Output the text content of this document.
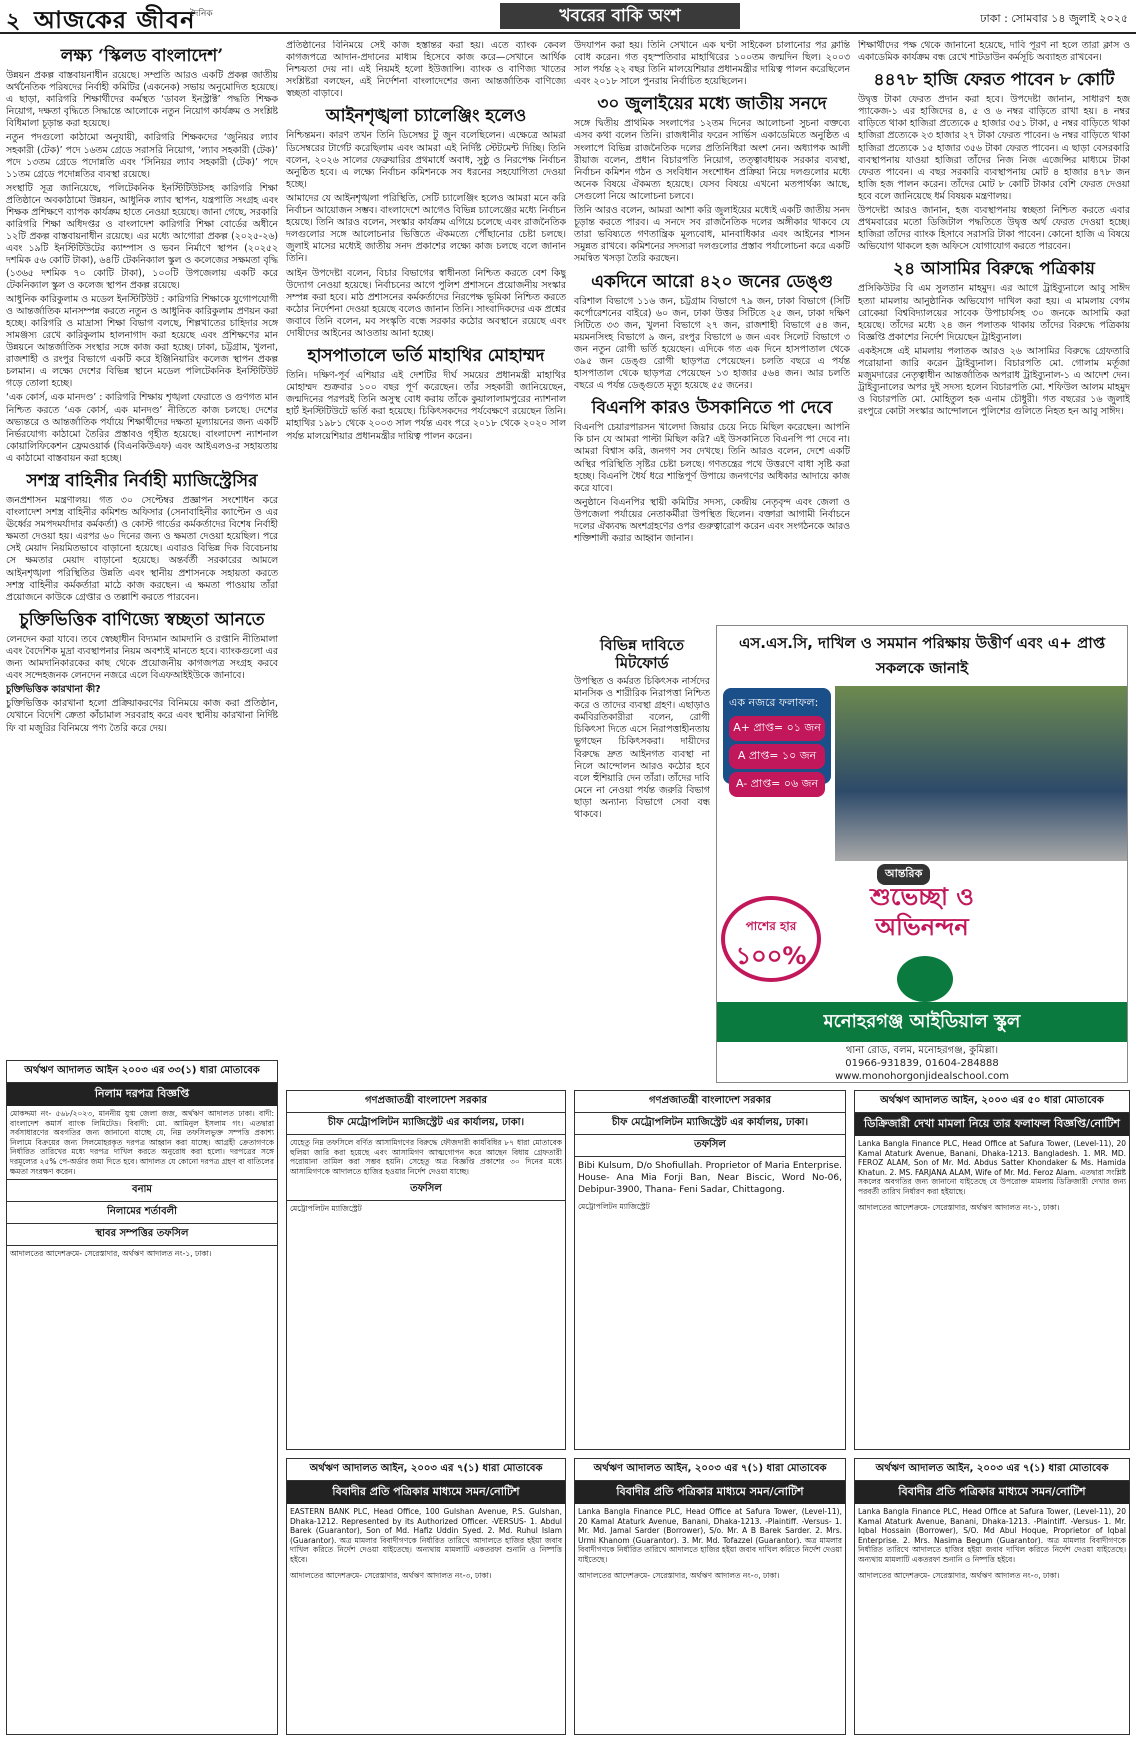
২ আজকের জীবন
দৈনিক	খবরের বাকি অংশ	ঢাকা : সোমবার ১৪ জুলাই ২০২৫
লক্ষ্য ‘স্কিলড বাংলাদেশ’

উন্নয়ন প্রকল্প বাস্তবায়নাধীন রয়েছে। সম্প্রতি আরও একটি প্রকল্প জাতীয় অর্থনৈতিক পরিষদের নির্বাহী কমিটির (একনেক) সভায় অনুমোদিত হয়েছে। এ ছাড়া, কারিগরি শিক্ষার্থীদের কর্মস্থত ‘ডাবল ইনস্ট্রাক্ট’ পদ্ধতি শিক্ষক নিয়োগ, দক্ষতা বৃদ্ধিতে সিদ্ধান্তে আলোকে নতুন নিয়োগ কার্যক্রম ও সংশ্লিষ্ট বিধিমালা চূড়ান্ত করা হয়েছে।

নতুন পদগুলো কাঠামো অনুযায়ী, কারিগরি শিক্ষকদের ‘জুনিয়র ল্যাব সহকারী (টেক)’ পদে ১৬তম গ্রেডে সরাসরি নিয়োগ, ‘ল্যাব সহকারী (টেক)’ পদে ১৩তম গ্রেডে পদোন্নতি এবং ‘সিনিয়র ল্যাব সহকারী (টেক)’ পদে ১১তম গ্রেডে পদোন্নতির ব্যবস্থা রয়েছে।

সংস্থাটি সূত্র জানিয়েছে, পলিটেকনিক ইনস্টিটিউটসহ কারিগরি শিক্ষা প্রতিষ্ঠানে অবকাঠামো উন্নয়ন, আধুনিক ল্যাব স্থাপন, যন্ত্রপাতি সংগ্রহ এবং শিক্ষক প্রশিক্ষণে ব্যাপক কার্যক্রম হাতে নেওয়া হয়েছে। জানা গেছে, সরকারি কারিগরি শিক্ষা অধিদপ্তর ও বাংলাদেশ কারিগরি শিক্ষা বোর্ডের অধীনে ১২টি প্রকল্প বাস্তবায়নাধীন রয়েছে। এর মধ্যে আগোরা প্রকল্প (২০২৫-২৬) এবং ১৯টি ইনস্টিটিউটের ক্যাম্পাস ও ভবন নির্মাণে স্থাপন (২০২৫২ দশমিক ৫৬ কোটি টাকা), ৬৪টি টেকনিক্যাল স্কুল ও কলেজের সক্ষমতা বৃদ্ধি (১৩৬৫ দশমিক ৭০ কোটি টাকা), ১০০টি উপজেলায় একটি করে টেকনিক্যাল স্কুল ও কলেজ স্থাপন প্রকল্প রয়েছে।

আধুনিক কারিকুলাম ও মডেল ইনস্টিটিউট : কারিগরি শিক্ষাকে যুগোপযোগী ও আন্তর্জাতিক মানসম্পন্ন করতে নতুন ও আধুনিক কারিকুলাম প্রণয়ন করা হচ্ছে। কারিগরি ও মাদ্রাসা শিক্ষা বিভাগ বলছে, শিল্পখাতের চাহিদার সঙ্গে সামঞ্জস্য রেখে কারিকুলাম হালনাগাদ করা হয়েছে এবং প্রশিক্ষণের মান উন্নয়নে আন্তর্জাতিক সংস্থার সঙ্গে কাজ করা হচ্ছে। ঢাকা, চট্টগ্রাম, খুলনা, রাজশাহী ও রংপুর বিভাগে একটি করে ইঞ্জিনিয়ারিং কলেজ স্থাপন প্রকল্প চলমান। এ লক্ষ্যে দেশের বিভিন্ন স্থানে মডেল পলিটেকনিক ইনস্টিটিউট গড়ে তোলা হচ্ছে।

‘এক কোর্স, এক মানদণ্ড’ : কারিগরি শিক্ষায় শৃঙ্খলা ফেরাতে ও গুণগত মান নিশ্চিত করতে ‘এক কোর্স, এক মানদণ্ড’ নীতিতে কাজ চলছে। দেশের অভ্যন্তরে ও আন্তর্জাতিক পর্যায়ে শিক্ষার্থীদের দক্ষতা মূল্যায়নের জন্য একটি নির্ভরযোগ্য কাঠামো তৈরির প্রস্তাবও গৃহীত হয়েছে। বাংলাদেশ ন্যাশনাল কোয়ালিফিকেশন ফ্রেমওয়ার্ক (বিএনকিউএফ) এবং আইএলও-র সহায়তায় এ কাঠামো বাস্তবায়ন করা হচ্ছে।

সশস্ত্র বাহিনীর নির্বাহী ম্যাজিস্ট্রেসির

জনপ্রশাসন মন্ত্রণালয়। গত ৩০ সেপ্টেম্বর প্রজ্ঞাপন সংশোধন করে বাংলাদেশ সশস্ত্র বাহিনীর কমিশন্ড অফিসার (সেনাবাহিনীর ক্যাপ্টেন ও এর ঊর্ধ্বের সমপদমর্যাদার কর্মকর্তা) ও কোস্ট গার্ডের কর্মকর্তাদের বিশেষ নির্বাহী ক্ষমতা দেওয়া হয়। এরপর ৬০ দিনের জন্য ও ক্ষমতা দেওয়া হয়েছিল। পরে সেই মেয়াদ নিয়মিতভাবে বাড়ানো হয়েছে। এবারও বিভিন্ন দিক বিবেচনায় সে ক্ষমতার মেয়াদ বাড়ানো হয়েছে। অন্তর্বর্তী সরকারের আমলে আইনশৃঙ্খলা পরিস্থিতির উন্নতি এবং স্থানীয় প্রশাসনকে সহায়তা করতে সশস্ত্র বাহিনীর কর্মকর্তারা মাঠে কাজ করছেন। এ ক্ষমতা পাওয়ায় তাঁরা প্রয়োজনে কাউকে গ্রেপ্তার ও তল্লাশি করতে পারবেন।

চুক্তিভিত্তিক বাণিজ্যে স্বচ্ছতা আনতে

লেনদেন করা যাবে। তবে স্বেচ্ছাধীন বিদ্যমান আমদানি ও রপ্তানি নীতিমালা এবং বৈদেশিক মুদ্রা ব্যবস্থাপনার নিয়ম অবশ্যই মানতে হবে। ব্যাংকগুলো এর জন্য আমদানিকারকের কাছ থেকে প্রয়োজনীয় কাগজপত্র সংগ্রহ করবে এবং সন্দেহজনক লেনদেন নজরে এলে বিএফআইইউকে জানাবে।

চুক্তিভিত্তিক কারখানা কী?

চুক্তিভিত্তিক কারখানা হলো প্রক্রিয়াকরণের বিনিময়ে কাজ করা প্রতিষ্ঠান, যেখানে বিদেশি ক্রেতা কাঁচামাল সরবরাহ করে এবং স্থানীয় কারখানা নির্দিষ্ট ফি বা মজুরির বিনিময়ে পণ্য তৈরি করে দেয়।

প্রতিষ্ঠানের বিনিময়ে সেই কাজ হস্তান্তর করা হয়। এতে ব্যাংক কেবল কাগজপত্রে আদান-প্রদানের মাধ্যম হিসেবে কাজ করে—সেখানে আর্থিক নিশ্চয়তা দেয় না। এই নিয়মই হলো ইউজান্সি। ব্যাংক ও বাণিজ্য খাতের সংশ্লিষ্টরা বলছেন, এই নির্দেশনা বাংলাদেশের জন্য আন্তর্জাতিক বাণিজ্যে স্বচ্ছতা বাড়াবে।

আইনশৃঙ্খলা চ্যালেঞ্জিং হলেও

নিশ্চিন্তমন। কারণ তখন তিনি ডিসেম্বর টু জুন বলেছিলেন। এক্ষেত্রে আমরা ডিসেম্বরের টার্গেট করেছিলাম এবং আমরা এই নির্দিষ্ট স্টেটমেন্ট দিচ্ছি। তিনি বলেন, ২০২৬ সালের ফেব্রুয়ারির প্রথমার্ধে অবাধ, সুষ্ঠু ও নিরপেক্ষ নির্বাচন অনুষ্ঠিত হবে। এ লক্ষ্যে নির্বাচন কমিশনকে সব ধরনের সহযোগিতা দেওয়া হচ্ছে।

আমাদের যে আইনশৃঙ্খলা পরিস্থিতি, সেটি চ্যালেঞ্জিং হলেও আমরা মনে করি নির্বাচন আয়োজন সম্ভব। বাংলাদেশে আগেও বিভিন্ন চ্যালেঞ্জের মধ্যে নির্বাচন হয়েছে। তিনি আরও বলেন, সংস্কার কার্যক্রম এগিয়ে চলেছে এবং রাজনৈতিক দলগুলোর সঙ্গে আলোচনার ভিত্তিতে ঐকমত্যে পৌঁছানোর চেষ্টা চলছে। জুলাই মাসের মধ্যেই জাতীয় সনদ প্রকাশের লক্ষ্যে কাজ চলছে বলে জানান তিনি।

আইন উপদেষ্টা বলেন, বিচার বিভাগের স্বাধীনতা নিশ্চিত করতে বেশ কিছু উদ্যোগ নেওয়া হয়েছে। নির্বাচনের আগে পুলিশ প্রশাসনে প্রয়োজনীয় সংস্কার সম্পন্ন করা হবে। মাঠ প্রশাসনের কর্মকর্তাদের নিরপেক্ষ ভূমিকা নিশ্চিত করতে কঠোর নির্দেশনা দেওয়া হয়েছে বলেও জানান তিনি। সাংবাদিকদের এক প্রশ্নের জবাবে তিনি বলেন, মব সংস্কৃতি বন্ধে সরকার কঠোর অবস্থানে রয়েছে এবং দোষীদের আইনের আওতায় আনা হচ্ছে।

হাসপাতালে ভর্তি মাহাথির মোহাম্মদ

তিনি। দক্ষিণ-পূর্ব এশিয়ার এই দেশটির দীর্ঘ সময়ের প্রধানমন্ত্রী মাহাথির মোহাম্মদ শুক্রবার ১০০ বছর পূর্ণ করেছেন। তাঁর সহকারী জানিয়েছেন, জন্মদিনের পরপরই তিনি অসুস্থ বোধ করায় তাঁকে কুয়ালালামপুরের ন্যাশনাল হার্ট ইনস্টিটিউটে ভর্তি করা হয়েছে। চিকিৎসকদের পর্যবেক্ষণে রয়েছেন তিনি। মাহাথির ১৯৮১ থেকে ২০০৩ সাল পর্যন্ত এবং পরে ২০১৮ থেকে ২০২০ সাল পর্যন্ত মালয়েশিয়ার প্রধানমন্ত্রীর দায়িত্ব পালন করেন।

উদযাপন করা হয়। তিনি সেখানে এক ঘণ্টা সাইকেল চালানোর পর ক্লান্তি বোধ করেন। গত বৃহস্পতিবার মাহাথিরের ১০০তম জন্মদিন ছিল। ২০০৩ সাল পর্যন্ত ২২ বছর তিনি মালয়েশিয়ার প্রধানমন্ত্রীর দায়িত্ব পালন করেছিলেন এবং ২০১৮ সালে পুনরায় নির্বাচিত হয়েছিলেন।

৩০ জুলাইয়ের মধ্যে জাতীয় সনদে

সঙ্গে দ্বিতীয় প্রাথমিক সংলাপের ১২তম দিনের আলোচনা সুচনা বক্তব্যে এসব কথা বলেন তিনি। রাজধানীর ফরেন সার্ভিস একাডেমিতে অনুষ্ঠিত এ সংলাপে বিভিন্ন রাজনৈতিক দলের প্রতিনিধিরা অংশ নেন। অধ্যাপক আলী রীয়াজ বলেন, প্রধান বিচারপতি নিয়োগ, তত্ত্বাবধায়ক সরকার ব্যবস্থা, নির্বাচন কমিশন গঠন ও সংবিধান সংশোধন প্রক্রিয়া নিয়ে দলগুলোর মধ্যে অনেক বিষয়ে ঐকমত্য হয়েছে। যেসব বিষয়ে এখনো মতপার্থক্য আছে, সেগুলো নিয়ে আলোচনা চলবে।

তিনি আরও বলেন, আমরা আশা করি জুলাইয়ের মধ্যেই একটি জাতীয় সনদ চূড়ান্ত করতে পারব। এ সনদে সব রাজনৈতিক দলের অঙ্গীকার থাকবে যে তারা ভবিষ্যতে গণতান্ত্রিক মূল্যবোধ, মানবাধিকার এবং আইনের শাসন সমুন্নত রাখবে। কমিশনের সদস্যরা দলগুলোর প্রস্তাব পর্যালোচনা করে একটি সমন্বিত খসড়া তৈরি করছেন।

একদিনে আরো ৪২০ জনের ডেঙ্গু

বরিশাল বিভাগে ১১৬ জন, চট্টগ্রাম বিভাগে ৭৯ জন, ঢাকা বিভাগে (সিটি কর্পোরেশনের বাইরে) ৬০ জন, ঢাকা উত্তর সিটিতে ২৫ জন, ঢাকা দক্ষিণ সিটিতে ৩৩ জন, খুলনা বিভাগে ২৭ জন, রাজশাহী বিভাগে ৫৪ জন, ময়মনসিংহ বিভাগে ৯ জন, রংপুর বিভাগে ৬ জন এবং সিলেট বিভাগে ৩ জন নতুন রোগী ভর্তি হয়েছেন। এদিকে গত এক দিনে হাসপাতাল থেকে ৩৯৫ জন ডেঙ্গু রোগী ছাড়পত্র পেয়েছেন। চলতি বছরে এ পর্যন্ত হাসপাতাল থেকে ছাড়পত্র পেয়েছেন ১৩ হাজার ৫৬৪ জন। আর চলতি বছরে এ পর্যন্ত ডেঙ্গুতে মৃত্যু হয়েছে ৫৫ জনের।

বিএনপি কারও উসকানিতে পা দেবে

বিএনপি চেয়ারপারসন খালেদা জিয়ার চেয়ে নিচে মিছিল করেছেন। আপনি কি চান যে আমরা পাল্টা মিছিল করি? এই উসকানিতে বিএনপি পা দেবে না। আমরা বিশ্বাস করি, জনগণ সব দেখছে। তিনি আরও বলেন, দেশে একটি অস্থির পরিস্থিতি সৃষ্টির চেষ্টা চলছে। গণতন্ত্রের পথে উত্তরণে বাধা সৃষ্টি করা হচ্ছে। বিএনপি ধৈর্য ধরে শান্তিপূর্ণ উপায়ে জনগণের অধিকার আদায়ে কাজ করে যাবে।

অনুষ্ঠানে বিএনপির স্থায়ী কমিটির সদস্য, কেন্দ্রীয় নেতৃবৃন্দ এবং জেলা ও উপজেলা পর্যায়ের নেতাকর্মীরা উপস্থিত ছিলেন। বক্তারা আগামী নির্বাচনে দলের ঐক্যবদ্ধ অংশগ্রহণের ওপর গুরুত্বারোপ করেন এবং সংগঠনকে আরও শক্তিশালী করার আহ্বান জানান।

বিভিন্ন দাবিতে মিটফোর্ড

উপস্থিত ও কর্মরত চিকিৎসক নার্সদের মানসিক ও শারীরিক নিরাপত্তা নিশ্চিত করে ও তাদের ব্যবস্থা গ্রহণ। এছাড়াও কর্মবিরতিকারীরা বলেন, রোগী চিকিৎসা দিতে এসে নিরাপত্তাহীনতায় ভুগছেন চিকিৎসকরা। দায়ীদের বিরুদ্ধে দ্রুত আইনগত ব্যবস্থা না নিলে আন্দোলন আরও কঠোর হবে বলে হুঁশিয়ারি দেন তাঁরা। তাঁদের দাবি মেনে না নেওয়া পর্যন্ত জরুরি বিভাগ ছাড়া অন্যান্য বিভাগে সেবা বন্ধ থাকবে।

শিক্ষার্থীদের পক্ষ থেকে জানানো হয়েছে, দাবি পূরণ না হলে তারা ক্লাস ও একাডেমিক কার্যক্রম বন্ধ রেখে শাটডাউন কর্মসূচি অব্যাহত রাখবেন।

৪৪৭৮ হাজি ফেরত পাবেন ৮ কোটি

উদ্বৃত্ত টাকা ফেরত প্রদান করা হবে। উপদেষ্টা জানান, সাধারণ হজ প্যাকেজ-১ এর হাজিদের ৪, ৫ ও ৬ নম্বর বাড়িতে রাখা হয়। ৪ নম্বর বাড়িতে থাকা হাজিরা প্রত্যেকে ৫ হাজার ৩৫১ টাকা, ৫ নম্বর বাড়িতে থাকা হাজিরা প্রত্যেকে ২৩ হাজার ২৭ টাকা ফেরত পাবেন। ৬ নম্বর বাড়িতে থাকা হাজিরা প্রত্যেকে ১৫ হাজার ৩৫৬ টাকা ফেরত পাবেন। এ ছাড়া বেসরকারি ব্যবস্থাপনায় যাওয়া হাজিরা তাঁদের নিজ নিজ এজেন্সির মাধ্যমে টাকা ফেরত পাবেন। এ বছর সরকারি ব্যবস্থাপনায় মোট ৪ হাজার ৪৭৮ জন হাজি হজ পালন করেন। তাঁদের মোট ৮ কোটি টাকার বেশি ফেরত দেওয়া হবে বলে জানিয়েছে ধর্ম বিষয়ক মন্ত্রণালয়।

উপদেষ্টা আরও জানান, হজ ব্যবস্থাপনায় স্বচ্ছতা নিশ্চিত করতে এবার প্রথমবারের মতো ডিজিটাল পদ্ধতিতে উদ্বৃত্ত অর্থ ফেরত দেওয়া হচ্ছে। হাজিরা তাঁদের ব্যাংক হিসাবে সরাসরি টাকা পাবেন। কোনো হাজি এ বিষয়ে অভিযোগ থাকলে হজ অফিসে যোগাযোগ করতে পারবেন।

২৪ আসামির বিরুদ্ধে পত্রিকায়

প্রসিকিউটর বি এম সুলতান মাহমুদ। এর আগে ট্রাইব্যুনালে আবু সাঈদ হত্যা মামলায় আনুষ্ঠানিক অভিযোগ দাখিল করা হয়। এ মামলায় বেগম রোকেয়া বিশ্ববিদ্যালয়ের সাবেক উপাচার্যসহ ৩০ জনকে আসামি করা হয়েছে। তাঁদের মধ্যে ২৪ জন পলাতক থাকায় তাঁদের বিরুদ্ধে পত্রিকায় বিজ্ঞপ্তি প্রকাশের নির্দেশ দিয়েছেন ট্রাইব্যুনাল।

একইসঙ্গে এই মামলায় পলাতক আরও ২৬ আসামির বিরুদ্ধে গ্রেফতারি পরোয়ানা জারি করেন ট্রাইব্যুনাল। বিচারপতি মো. গোলাম মর্তূজা মজুমদারের নেতৃত্বাধীন আন্তর্জাতিক অপরাধ ট্রাইব্যুনাল-১ এ আদেশ দেন। ট্রাইব্যুনালের অপর দুই সদস্য হলেন বিচারপতি মো. শফিউল আলম মাহমুদ ও বিচারপতি মো. মোহিতুল হক এনাম চৌধুরী। গত বছরের ১৬ জুলাই রংপুরে কোটা সংস্কার আন্দোলনে পুলিশের গুলিতে নিহত হন আবু সাঈদ।

এস.এস.সি, দাখিল ও সমমান পরিক্ষায় উত্তীর্ণ এবং এ+ প্রাপ্ত সকলকে জানাই
এক নজরে ফলাফল:
A+ প্রাপ্ত= ০১ জন
A প্রাপ্ত= ১০ জন
A- প্রাপ্ত= ০৬ জন
আন্তরিক
শুভেচ্ছা ও অভিনন্দন
পাশের হার
১০০%
মনোহরগঞ্জ আইডিয়াল স্কুল
থানা রোড, বলম, মনোহরগঞ্জ, কুমিল্লা।
01966-931839, 01604-284888
www.monohorgonjidealschool.com
অর্থঋণ আদালত আইন ২০০৩ এর ৩৩(১) ধারা মোতাবেক
নিলাম দরপত্র বিজ্ঞপ্তি
মোকদ্দমা নং- ৫৬৮/২০২৩, মাননীয় যুগ্ম জেলা জজ, অর্থঋণ আদালত ঢাকা। বাদী: বাংলাদেশ কমার্স ব্যাংক লিমিটেড। বিবাদী: মো. আমিনুল ইসলাম গং। এতদ্বারা সর্বসাধারণের অবগতির জন্য জানানো যাচ্ছে যে, নিম্ন তফসিলভুক্ত সম্পত্তি প্রকাশ্য নিলামে বিক্রয়ের জন্য সিলমোহরকৃত দরপত্র আহ্বান করা যাচ্ছে। আগ্রহী ক্রেতাগণকে নির্ধারিত তারিখের মধ্যে দরপত্র দাখিল করতে অনুরোধ করা হলো। দরপত্রের সঙ্গে দরমূল্যের ২৫% পে-অর্ডার জমা দিতে হবে। আদালত যে কোনো দরপত্র গ্রহণ বা বাতিলের ক্ষমতা সংরক্ষণ করেন।
বনাম
নিলামের শর্তাবলী
স্থাবর সম্পত্তির তফসিল
আদালতের আদেশক্রমে- সেরেস্তাদার, অর্থঋণ আদালত নং-১, ঢাকা।
গণপ্রজাতন্ত্রী বাংলাদেশ সরকার
চীফ মেট্রোপলিটন ম্যাজিস্ট্রেট এর কার্যালয়, ঢাকা।
যেহেতু নিম্ন তফসিলে বর্ণিত আসামিগণের বিরুদ্ধে ফৌজদারী কার্যবিধির ৮৭ ধারা মোতাবেক হুলিয়া জারি করা হয়েছে এবং আসামিগণ আত্মগোপন করে আছেন বিধায় গ্রেফতারী পরোয়ানা তামিল করা সম্ভব হয়নি। সেহেতু অত্র বিজ্ঞপ্তি প্রকাশের ৩০ দিনের মধ্যে আসামিগণকে আদালতে হাজির হওয়ার নির্দেশ দেওয়া যাচ্ছে।
তফসিল
মেট্রোপলিটন ম্যাজিস্ট্রেট
গণপ্রজাতন্ত্রী বাংলাদেশ সরকার
চীফ মেট্রোপলিটন ম্যাজিস্ট্রেট এর কার্যালয়, ঢাকা।
তফসিল
Bibi Kulsum, D/o Shofiullah. Proprietor of Maria Enterprise. House- Ana Mia Forji Ban, Near Biscic, Word No-06, Debipur-3900, Thana- Feni Sadar, Chittagong.
মেট্রোপলিটন ম্যাজিস্ট্রেট
অর্থঋণ আদালত আইন, ২০০৩ এর ৫০ ধারা মোতাবেক
ডিক্রিজারী দেখা মামলা নিয়ে তার ফলাফল বিজ্ঞপ্তি/নোটিশ
Lanka Bangla Finance PLC, Head Office at Safura Tower, (Level-11), 20 Kamal Ataturk Avenue, Banani, Dhaka-1213. Bangladesh. 1. MR. MD. FEROZ ALAM, Son of Mr. Md. Abdus Satter Khondaker & Ms. Hamida Khatun. 2. MS. FARJANA ALAM, Wife of Mr. Md. Feroz Alam. এতদ্বারা সংশ্লিষ্ট সকলের অবগতির জন্য জানানো যাইতেছে যে উপরোক্ত মামলায় ডিক্রিজারী দেখার জন্য পরবর্তী তারিখ নির্ধারণ করা হইয়াছে।
আদালতের আদেশক্রমে- সেরেস্তাদার, অর্থঋণ আদালত নং-১, ঢাকা।
অর্থঋণ আদালত আইন, ২০০৩ এর ৭(১) ধারা মোতাবেক
বিবাদীর প্রতি পত্রিকার মাধ্যমে সমন/নোটিশ
EASTERN BANK PLC, Head Office, 100 Gulshan Avenue, P.S. Gulshan, Dhaka-1212. Represented by its Authorized Officer. -VERSUS- 1. Abdul Barek (Guarantor), Son of Md. Hafiz Uddin Syed. 2. Md. Ruhul Islam (Guarantor). অত্র মামলার বিবাদীগণকে নির্ধারিত তারিখে আদালতে হাজির হইয়া জবাব দাখিল করিতে নির্দেশ দেওয়া যাইতেছে। অন্যথায় মামলাটি একতরফা শুনানি ও নিষ্পত্তি হইবে।
আদালতের আদেশক্রমে- সেরেস্তাদার, অর্থঋণ আদালত নং-৩, ঢাকা।
অর্থঋণ আদালত আইন, ২০০৩ এর ৭(১) ধারা মোতাবেক
বিবাদীর প্রতি পত্রিকার মাধ্যমে সমন/নোটিশ
Lanka Bangla Finance PLC, Head Office at Safura Tower, (Level-11), 20 Kamal Ataturk Avenue, Banani, Dhaka-1213. -Plaintiff. -Versus- 1. Mr. Md. Jamal Sarder (Borrower), S/o. Mr. A B Barek Sarder. 2. Mrs. Urmi Khanom (Guarantor). 3. Mr. Md. Tofazzel (Guarantor). অত্র মামলার বিবাদীগণকে নির্ধারিত তারিখে আদালতে হাজির হইয়া জবাব দাখিল করিতে নির্দেশ দেওয়া যাইতেছে।
আদালতের আদেশক্রমে- সেরেস্তাদার, অর্থঋণ আদালত নং-৩, ঢাকা।
অর্থঋণ আদালত আইন, ২০০৩ এর ৭(১) ধারা মোতাবেক
বিবাদীর প্রতি পত্রিকার মাধ্যমে সমন/নোটিশ
Lanka Bangla Finance PLC, Head Office at Safura Tower, (Level-11), 20 Kamal Ataturk Avenue, Banani, Dhaka-1213. -Plaintiff. -Versus- 1. Mr. Iqbal Hossain (Borrower), S/O. Md Abul Hoque, Proprietor of Iqbal Enterprise. 2. Mrs. Nasima Begum (Guarantor). অত্র মামলার বিবাদীগণকে নির্ধারিত তারিখে আদালতে হাজির হইয়া জবাব দাখিল করিতে নির্দেশ দেওয়া যাইতেছে। অন্যথায় মামলাটি একতরফা শুনানি ও নিষ্পত্তি হইবে।
আদালতের আদেশক্রমে- সেরেস্তাদার, অর্থঋণ আদালত নং-৩, ঢাকা।
